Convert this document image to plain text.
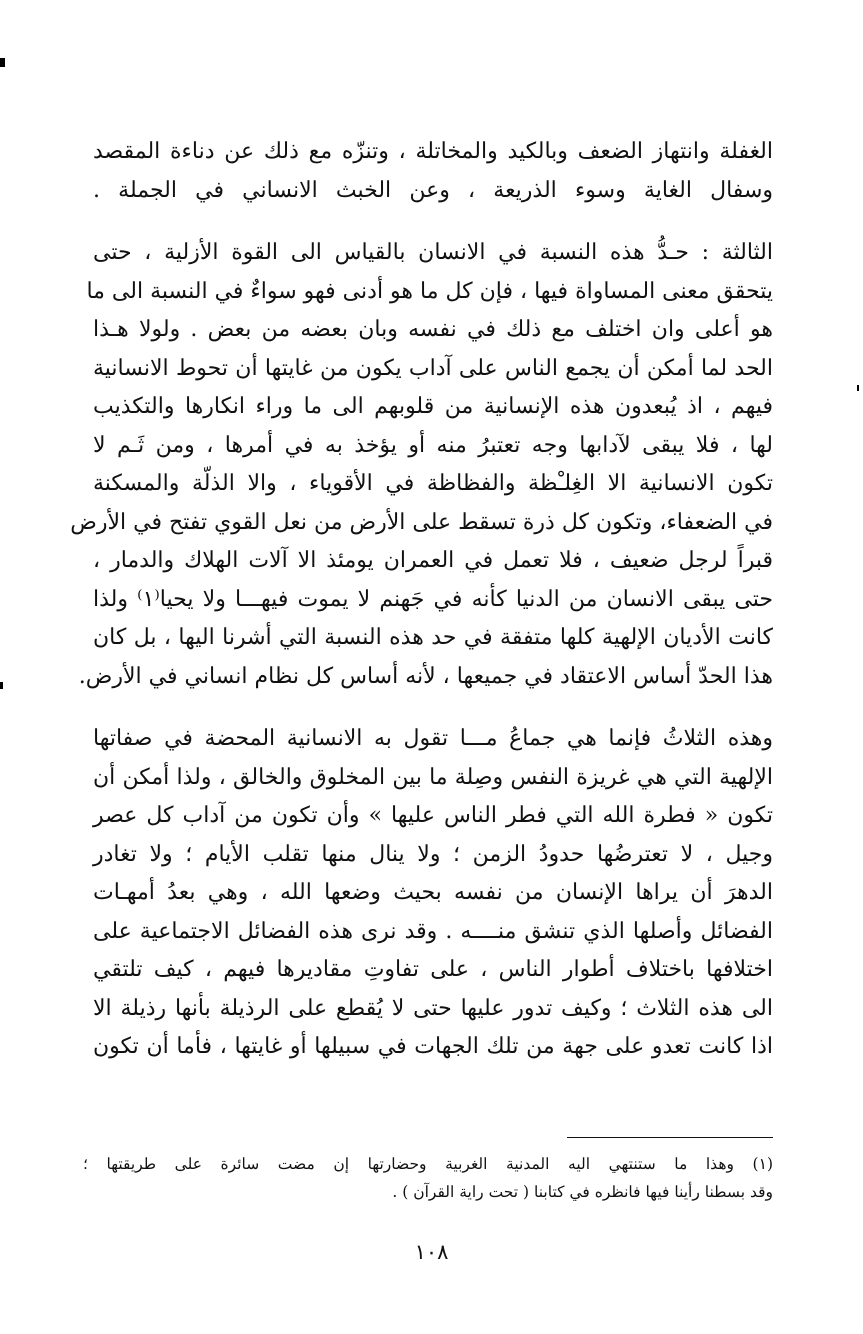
الغفلة وانتهاز الضعف وبالكيد والمخاتلة ، وتنزّه مع ذلك عن دناءة المقصد
وسفال الغاية وسوء الذريعة ، وعن الخبث الانساني في الجملة .
الثالثة : حـدُّ هذه النسبة في الانسان بالقياس الى القوة الأزلية ، حتى
يتحقق معنى المساواة فيها ، فإن كل ما هو أدنى فهو سواءٌ في النسبة الى ما
هو أعلى وان اختلف مع ذلك في نفسه وبان بعضه من بعض . ولولا هـذا
الحد لما أمكن أن يجمع الناس على آداب يكون من غايتها أن تحوط الانسانية
فيهم ، اذ يُبعدون هذه الإنسانية من قلوبهم الى ما وراء انكارها والتكذيب
لها ، فلا يبقى لآدابها وجه تعتبرُ منه أو يؤخذ به في أمرها ، ومن ثَـم لا
تكون الانسانية الا الغِلـْظة والفظاظة في الأقوياء ، والا الذلّة والمسكنة
في الضعفاء، وتكون كل ذرة تسقط على الأرض من نعل القوي تفتح في الأرض
قبراً لرجل ضعيف ، فلا تعمل في العمران يومئذ الا آلات الهلاك والدمار ،
حتى يبقى الانسان من الدنيا كأنه في جَهنم لا يموت فيهـــا ولا يحيا⁽١⁾ ولذا
كانت الأديان الإلهية كلها متفقة في حد هذه النسبة التي أشرنا اليها ، بل كان
هذا الحدّ أساس الاعتقاد في جميعها ، لأنه أساس كل نظام انساني في الأرض.
وهذه الثلاثُ فإنما هي جماعُ مـــا تقول به الانسانية المحضة في صفاتها
الإلهية التي هي غريزة النفس وصِلة ما بين المخلوق والخالق ، ولذا أمكن أن
تكون « فطرة الله التي فطر الناس عليها » وأن تكون من آداب كل عصر
وجيل ، لا تعترضُها حدودُ الزمن ؛ ولا ينال منها تقلب الأيام ؛ ولا تغادر
الدهرَ أن يراها الإنسان من نفسه بحيث وضعها الله ، وهي بعدُ أمهـات
الفضائل وأصلها الذي تنشق منــــه . وقد نرى هذه الفضائل الاجتماعية على
اختلافها باختلاف أطوار الناس ، على تفاوتِ مقاديرها فيهم ، كيف تلتقي
الى هذه الثلاث ؛ وكيف تدور عليها حتى لا يُقطع على الرذيلة بأنها رذيلة الا
اذا كانت تعدو على جهة من تلك الجهات في سبيلها أو غايتها ، فأما أن تكون
(١) وهذا ما ستنتهي اليه المدنية الغربية وحضارتها إن مضت سائرة على طريقتها ؛
وقد بسطنا رأينا فيها فانظره في كتابنا ( تحت راية القرآن ) .
١٠٨
